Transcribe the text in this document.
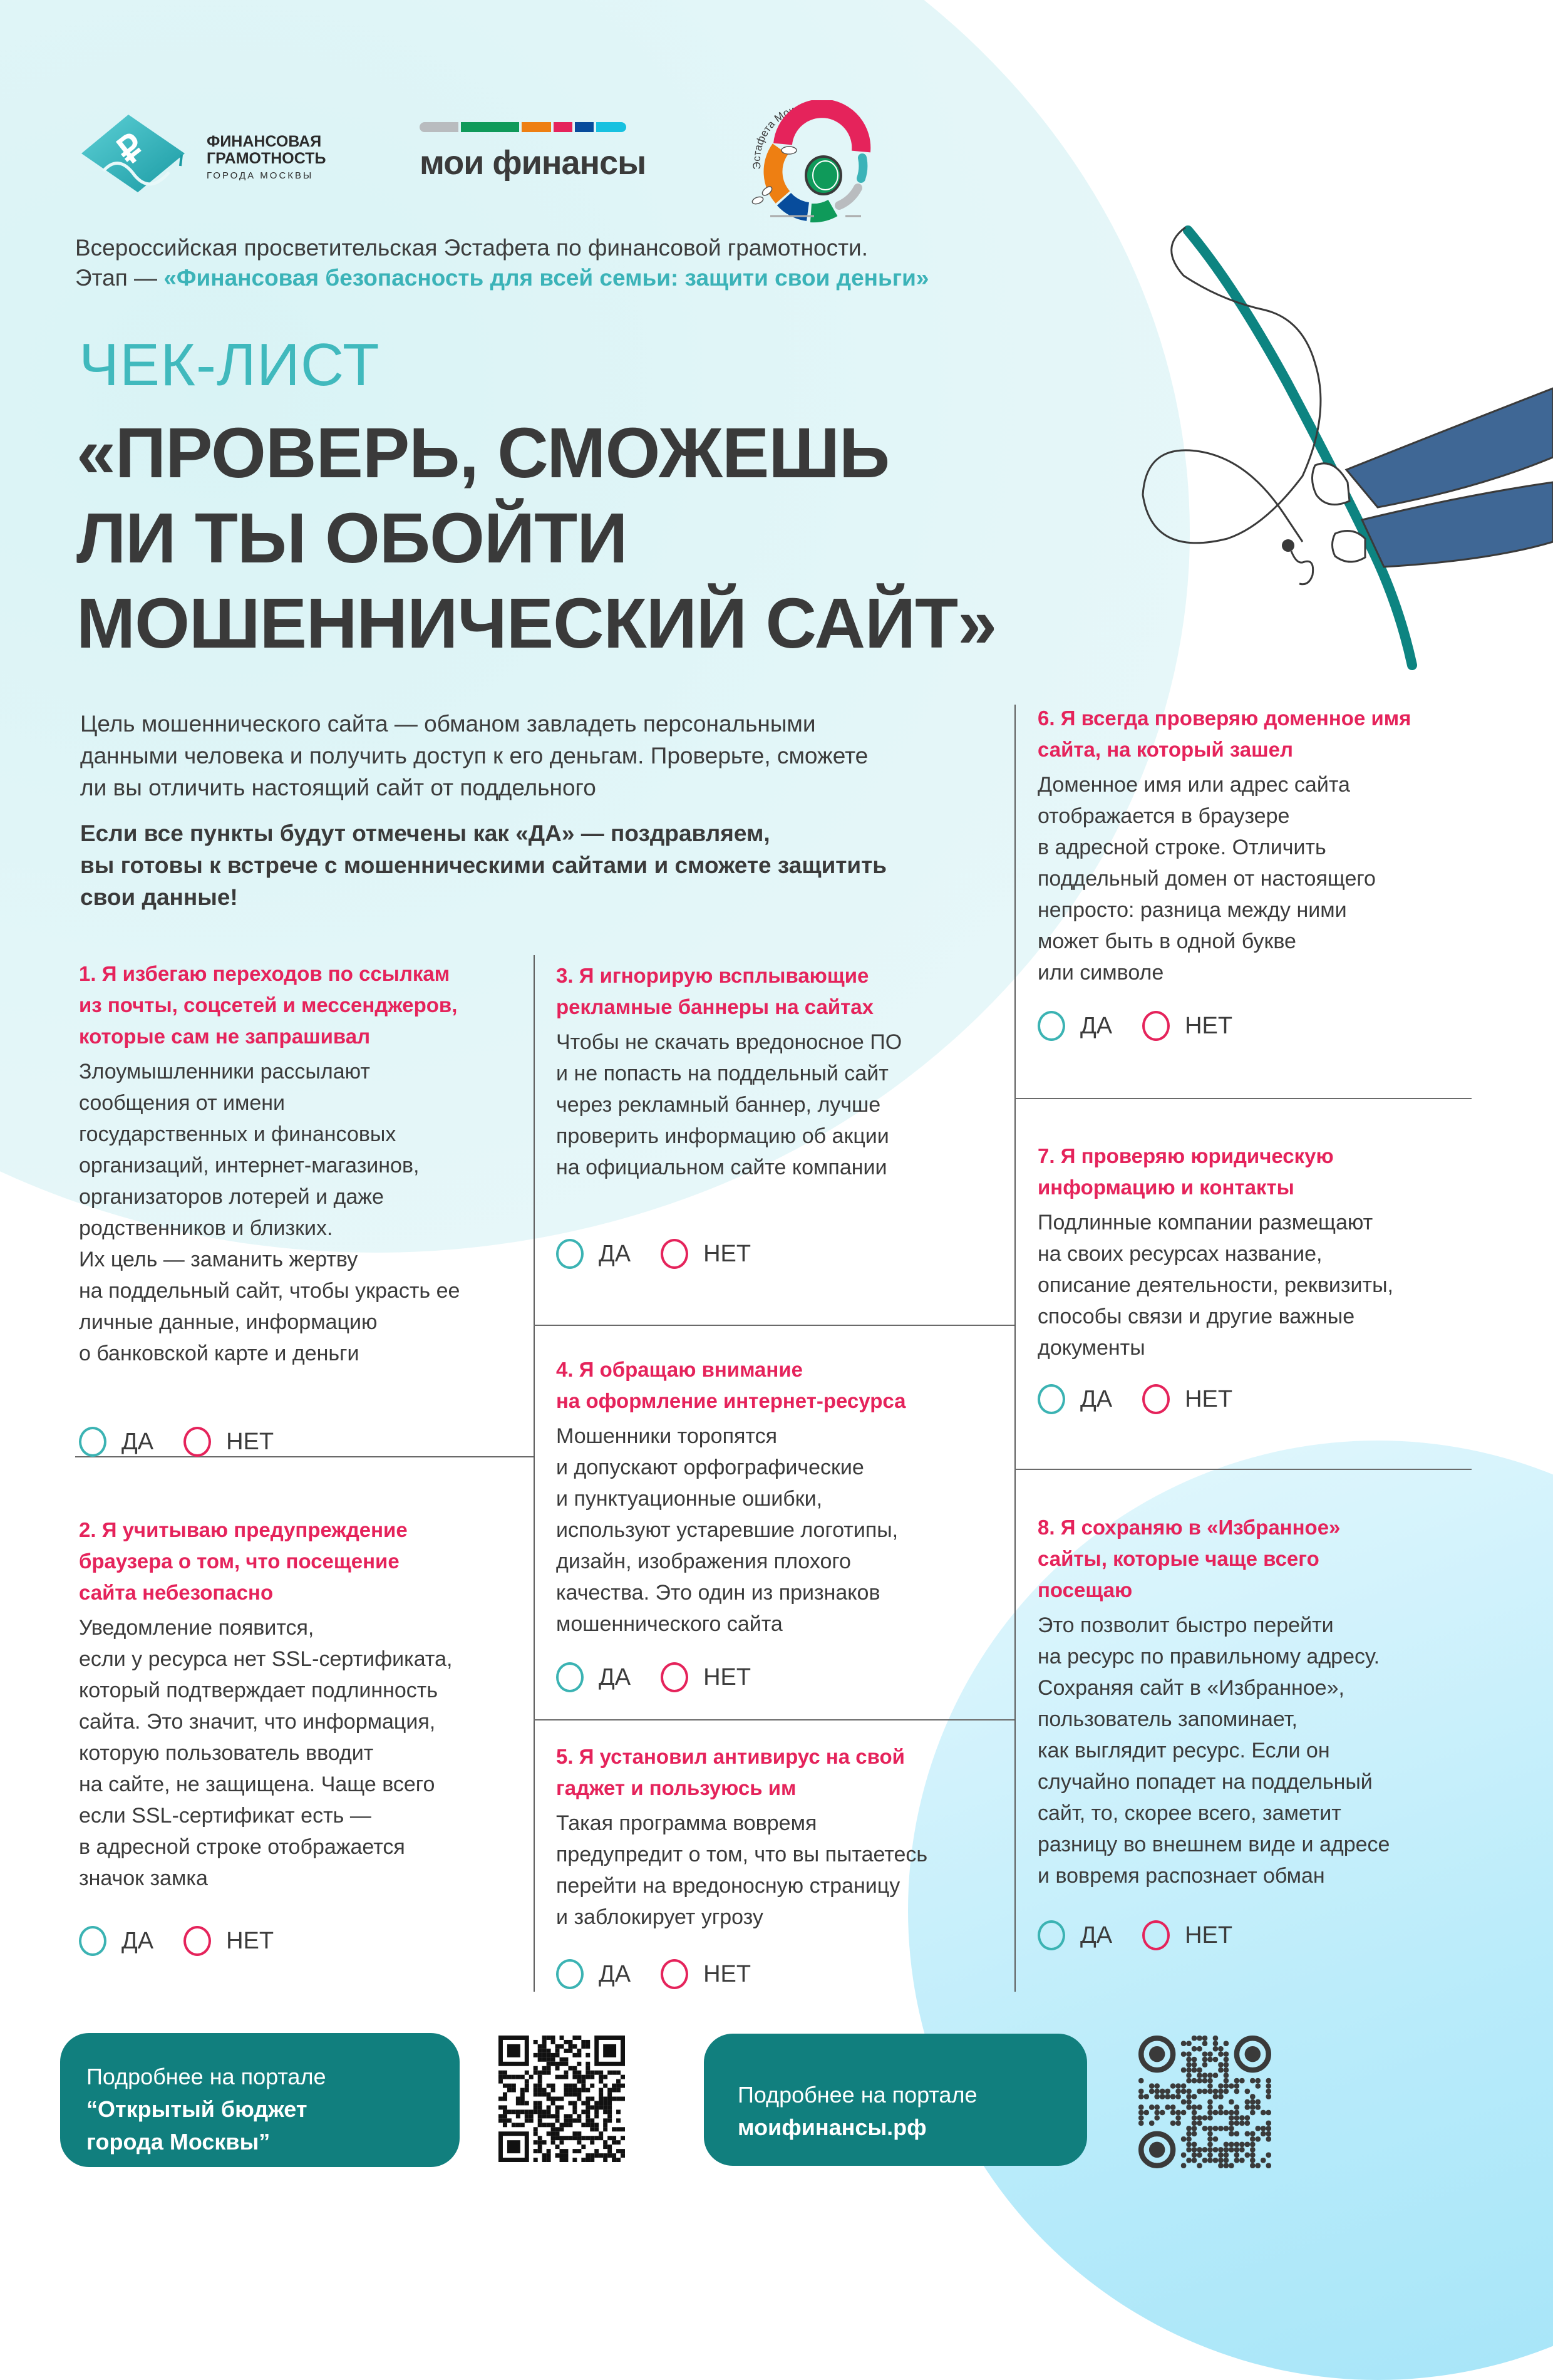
₽	ФИНАНСОВАЯ
ГРАМОТНОСТЬ
ГОРОДА МОСКВЫ	мои финансы	Эстафета Мои финансы
Всероссийская просветительская Эстафета по финансовой грамотности.
Этап — «Финансовая безопасность для всей семьи: защити свои деньги»
ЧЕК-ЛИСТ
«ПРОВЕРЬ, СМОЖЕШЬ
ЛИ ТЫ ОБОЙТИ
МОШЕННИЧЕСКИЙ САЙТ»
Цель мошеннического сайта — обманом завладеть персональными
данными человека и получить доступ к его деньгам. Проверьте, сможете
ли вы отличить настоящий сайт от поддельного
Если все пункты будут отмечены как «ДА» — поздравляем,
вы готовы к встрече с мошенническими сайтами и сможете защитить
свои данные!
1. Я избегаю переходов по ссылкам
из почты, соцсетей и мессенджеров,
которые сам не запрашивал
Злоумышленники рассылают
сообщения от имени
государственных и финансовых
организаций, интернет-магазинов,
организаторов лотерей и даже
родственников и близких.
Их цель — заманить жертву
на поддельный сайт, чтобы украсть ее
личные данные, информацию
о банковской карте и деньги
ДА	НЕТ
2. Я учитываю предупреждение
браузера о том, что посещение
сайта небезопасно
Уведомление появится,
если у ресурса нет SSL-сертификата,
который подтверждает подлинность
сайта. Это значит, что информация,
которую пользователь вводит
на сайте, не защищена. Чаще всего
если SSL-сертификат есть —
в адресной строке отображается
значок замка
ДА	НЕТ
3. Я игнорирую всплывающие
рекламные баннеры на сайтах
Чтобы не скачать вредоносное ПО
и не попасть на поддельный сайт
через рекламный баннер, лучше
проверить информацию об акции
на официальном сайте компании
ДА	НЕТ
4. Я обращаю внимание
на оформление интернет-ресурса
Мошенники торопятся
и допускают орфографические
и пунктуационные ошибки,
используют устаревшие логотипы,
дизайн, изображения плохого
качества. Это один из признаков
мошеннического сайта
ДА	НЕТ
5. Я установил антивирус на свой
гаджет и пользуюсь им
Такая программа вовремя
предупредит о том, что вы пытаетесь
перейти на вредоносную страницу
и заблокирует угрозу
ДА	НЕТ
6. Я всегда проверяю доменное имя
сайта, на который зашел
Доменное имя или адрес сайта
отображается в браузере
в адресной строке. Отличить
поддельный домен от настоящего
непросто: разница между ними
может быть в одной букве
или символе
ДА	НЕТ
7. Я проверяю юридическую
информацию и контакты
Подлинные компании размещают
на своих ресурсах название,
описание деятельности, реквизиты,
способы связи и другие важные
документы
ДА	НЕТ
8. Я сохраняю в «Избранное»
сайты, которые чаще всего
посещаю
Это позволит быстро перейти
на ресурс по правильному адресу.
Сохраняя сайт в «Избранное»,
пользователь запоминает,
как выглядит ресурс. Если он
случайно попадет на поддельный
сайт, то, скорее всего, заметит
разницу во внешнем виде и адресе
и вовремя распознает обман
ДА	НЕТ
Подробнее на портале
“Открытый бюджет
города Москвы”
Подробнее на портале
моифинансы.рф
